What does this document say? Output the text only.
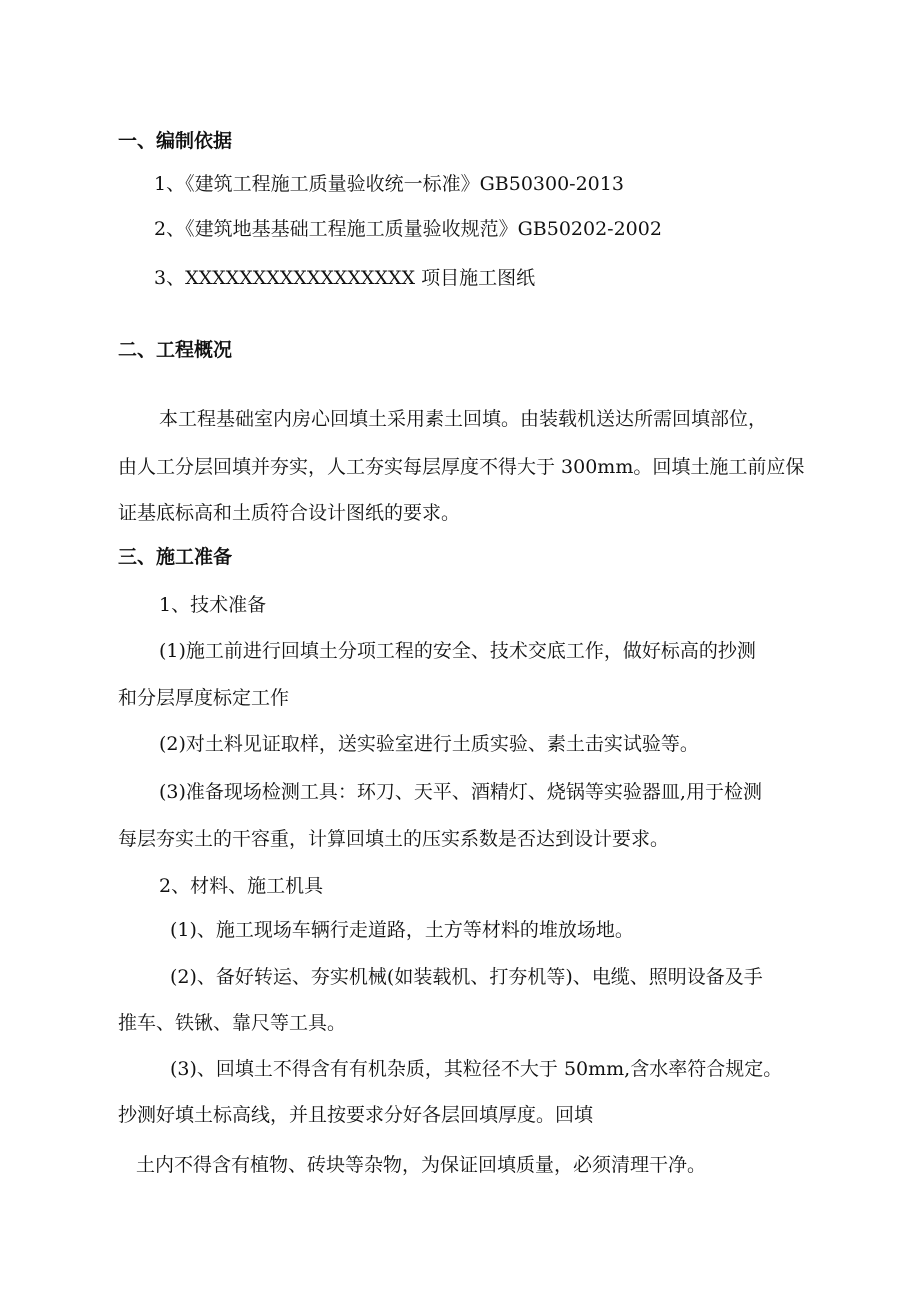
一、编制依据
1、《建筑工程施工质量验收统一标准》GB50300-2013
2、《建筑地基基础工程施工质量验收规范》GB50202-2002
3、XXXXXXXXXXXXXXXXX 项目施工图纸
二、工程概况
本工程基础室内房心回填土采用素土回填。由装载机送达所需回填部位，
由人工分层回填并夯实，人工夯实每层厚度不得大于 300mm。回填土施工前应保
证基底标高和土质符合设计图纸的要求。
三、施工准备
1、技术准备
(1)施工前进行回填土分项工程的安全、技术交底工作，做好标高的抄测
和分层厚度标定工作
(2)对土料见证取样，送实验室进行土质实验、素土击实试验等。
(3)准备现场检测工具：环刀、天平、酒精灯、烧锅等实验器皿,用于检测
每层夯实土的干容重，计算回填土的压实系数是否达到设计要求。
2、材料、施工机具
(1)、施工现场车辆行走道路，土方等材料的堆放场地。
(2)、备好转运、夯实机械(如装载机、打夯机等)、电缆、照明设备及手
推车、铁锹、靠尺等工具。
(3)、回填土不得含有有机杂质，其粒径不大于 50mm,含水率符合规定。
抄测好填土标高线，并且按要求分好各层回填厚度。回填
土内不得含有植物、砖块等杂物，为保证回填质量，必须清理干净。
